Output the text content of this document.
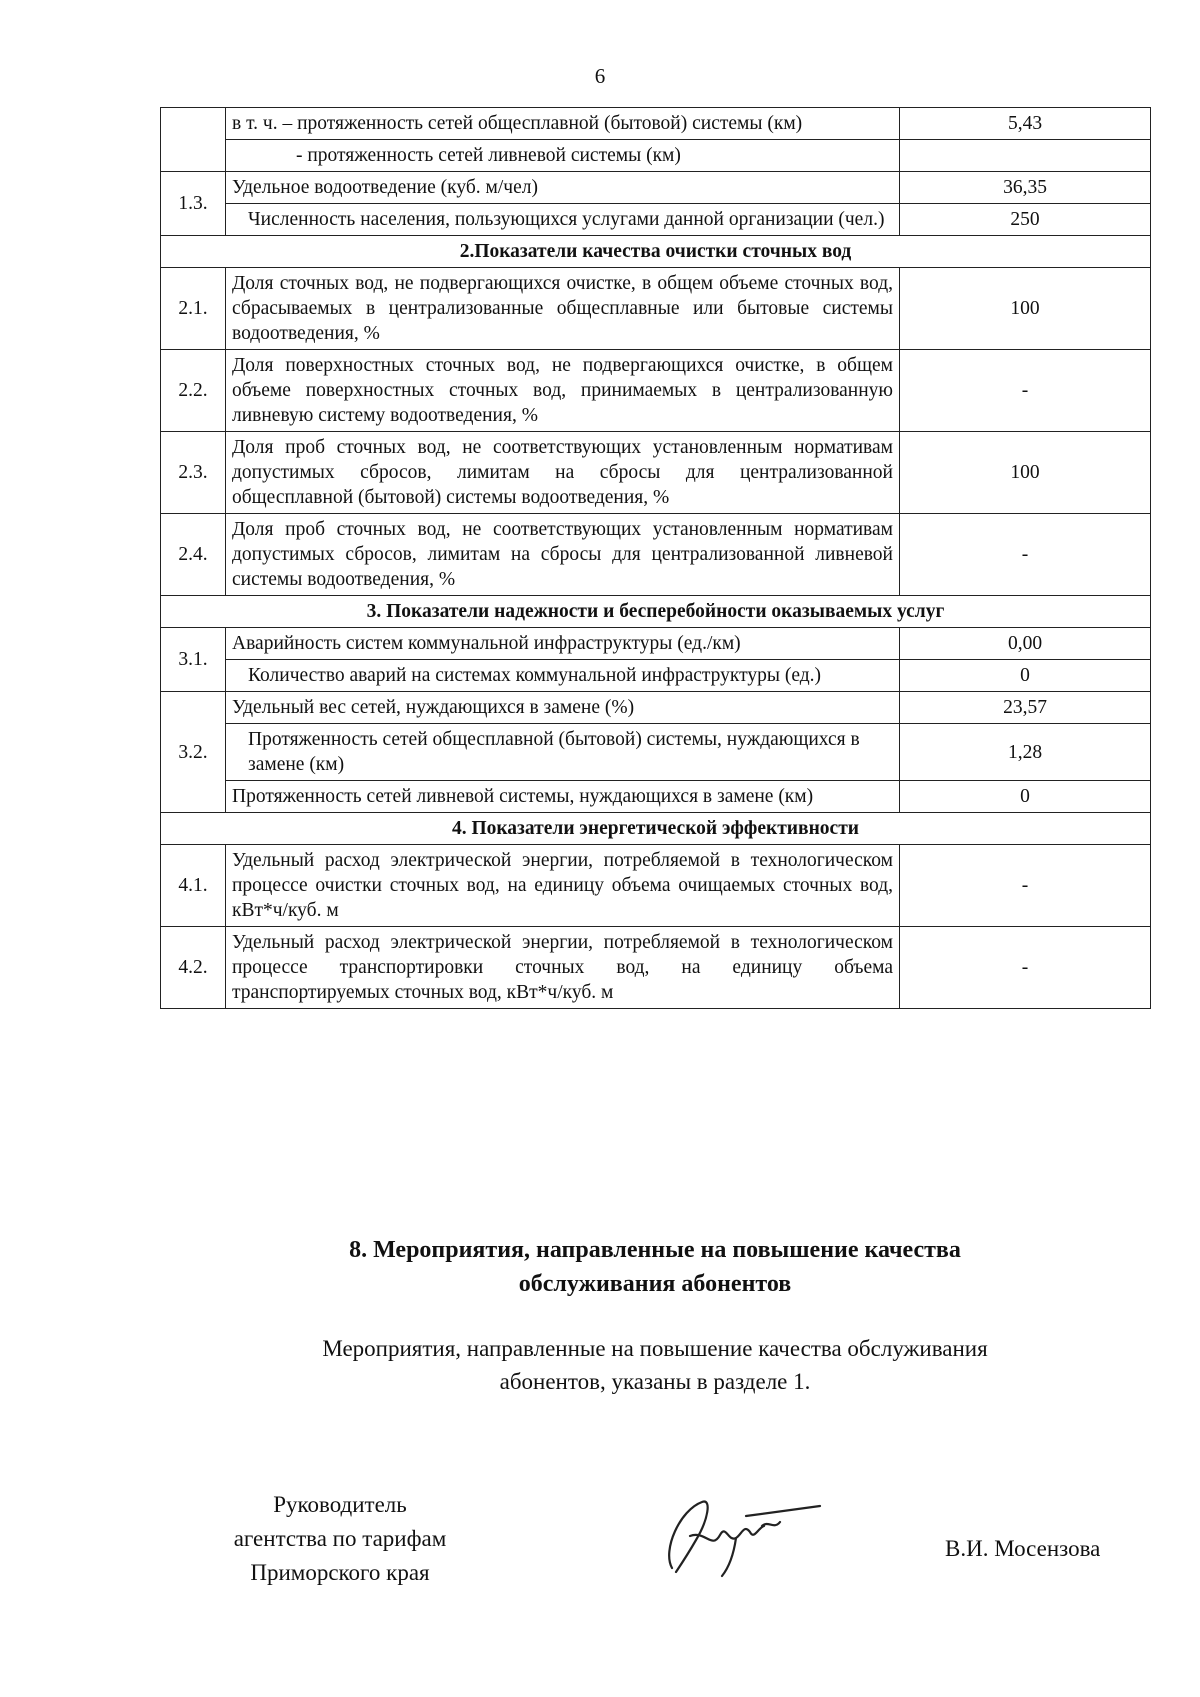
6
	в т. ч. – протяженность сетей общесплавной (бытовой) системы (км)	5,43
	- протяженность сетей ливневой системы (км)	
1.3.	Удельное водоотведение (куб. м/чел)	36,35
	Численность населения, пользующихся услугами данной организации (чел.)	250
2.Показатели качества очистки сточных вод		
2.1.	Доля сточных вод, не подвергающихся очистке, в общем объеме сточных вод, сбрасываемых в централизованные общесплавные или бытовые системы водоотведения, %	100
2.2.	Доля поверхностных сточных вод, не подвергающихся очистке, в общем объеме поверхностных сточных вод, принимаемых в централизованную ливневую систему водоотведения, %	-
2.3.	Доля проб сточных вод, не соответствующих установленным нормативам допустимых сбросов, лимитам на сбросы для централизованной общесплавной (бытовой) системы водоотведения, %	100
2.4.	Доля проб сточных вод, не соответствующих установленным нормативам допустимых сбросов, лимитам на сбросы для централизованной ливневой системы водоотведения, %	-
3. Показатели надежности и бесперебойности оказываемых услуг		
3.1.	Аварийность систем коммунальной инфраструктуры (ед./км)	0,00
	Количество аварий на системах коммунальной инфраструктуры (ед.)	0
3.2.	Удельный вес сетей, нуждающихся в замене (%)	23,57
	Протяженность сетей общесплавной (бытовой) системы, нуждающихся в замене (км)	1,28
	Протяженность сетей ливневой системы, нуждающихся в замене (км)	0
4. Показатели энергетической эффективности		
4.1.	Удельный расход электрической энергии, потребляемой в технологическом процессе очистки сточных вод, на единицу объема очищаемых сточных вод, кВт*ч/куб. м	-
4.2.	Удельный расход электрической энергии, потребляемой в технологическом процессе транспортировки сточных вод, на единицу объема транспортируемых сточных вод, кВт*ч/куб. м	-
8. Мероприятия, направленные на повышение качества
обслуживания абонентов

Мероприятия, направленные на повышение качества обслуживания
абонентов, указаны в разделе 1.

Руководитель
агентства по тарифам
Приморского края
В.И. Мосензова
